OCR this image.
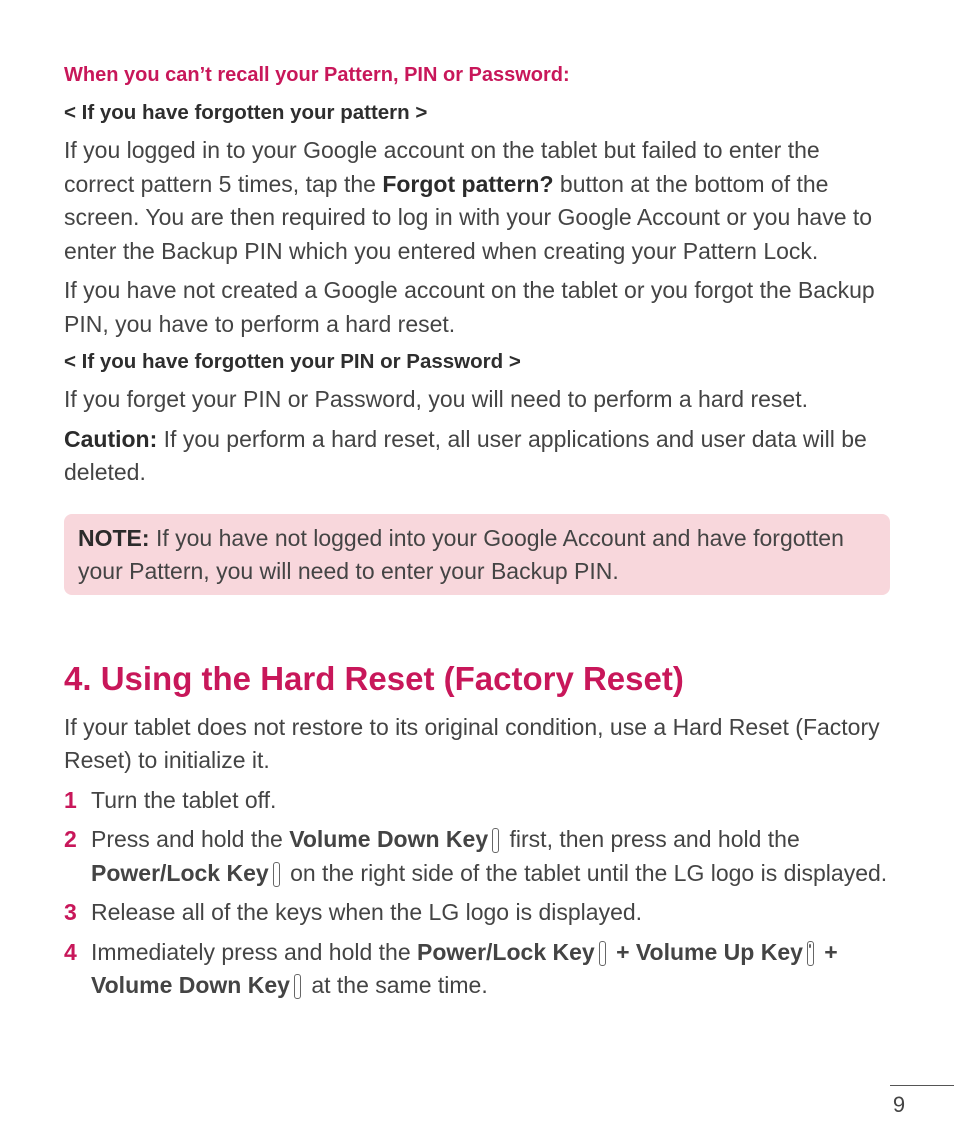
When you can’t recall your Pattern, PIN or Password:
< If you have forgotten your pattern >

If you logged in to your Google account on the tablet but failed to enter the correct pattern 5 times, tap the Forgot pattern? button at the bottom of the screen. You are then required to log in with your Google Account or you have to enter the Backup PIN which you entered when creating your Pattern Lock.

If you have not created a Google account on the tablet or you forgot the Backup PIN, you have to perform a hard reset.

< If you have forgotten your PIN or Password >

If you forget your PIN or Password, you will need to perform a hard reset.

Caution: If you perform a hard reset, all user applications and user data will be deleted.

NOTE: If you have not logged into your Google Account and have forgotten your Pattern, you will need to enter your Backup PIN.
4. Using the Hard Reset (Factory Reset)

If your tablet does not restore to its original condition, use a Hard Reset (Factory Reset) to initialize it.

1 Turn the tablet off.
2 Press and hold the Volume Down Key first, then press and hold the Power/Lock Key on the right side of the tablet until the LG logo is displayed.
3 Release all of the keys when the LG logo is displayed.
4 Immediately press and hold the Power/Lock Key + Volume Up Key + Volume Down Key at the same time.
9
